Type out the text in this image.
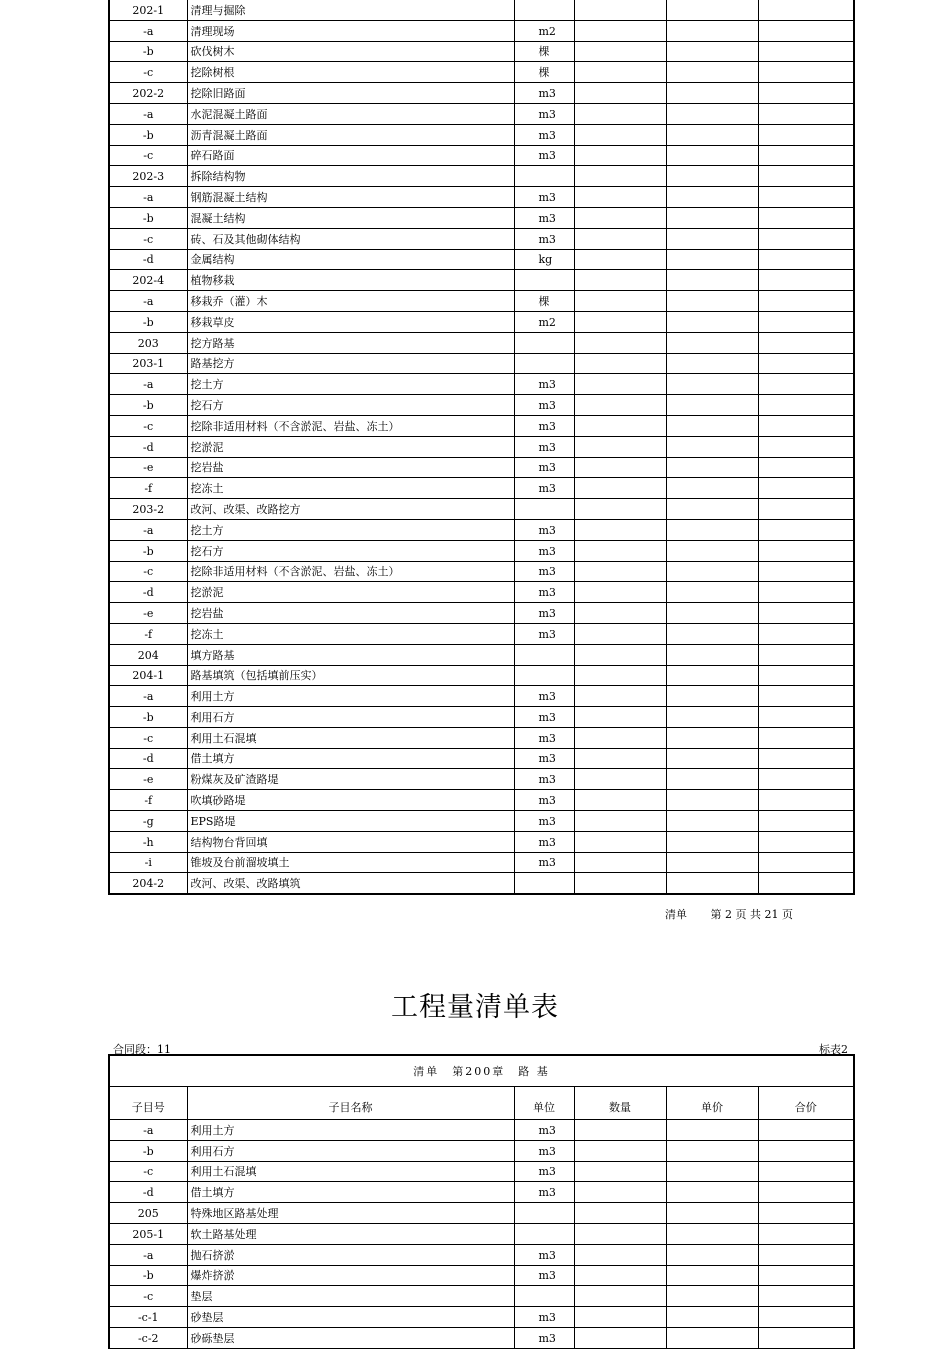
202-1	清理与掘除				
-a	清理现场	m2			
-b	砍伐树木	棵			
-c	挖除树根	棵			
202-2	挖除旧路面	m3			
-a	水泥混凝土路面	m3			
-b	沥青混凝土路面	m3			
-c	碎石路面	m3			
202-3	拆除结构物				
-a	钢筋混凝土结构	m3			
-b	混凝土结构	m3			
-c	砖、石及其他砌体结构	m3			
-d	金属结构	kg			
202-4	植物移栽				
-a	移栽乔（灌）木	棵			
-b	移栽草皮	m2			
203	挖方路基				
203-1	路基挖方				
-a	挖土方	m3			
-b	挖石方	m3			
-c	挖除非适用材料（不含淤泥、岩盐、冻土）	m3			
-d	挖淤泥	m3			
-e	挖岩盐	m3			
-f	挖冻土	m3			
203-2	改河、改渠、改路挖方				
-a	挖土方	m3			
-b	挖石方	m3			
-c	挖除非适用材料（不含淤泥、岩盐、冻土）	m3			
-d	挖淤泥	m3			
-e	挖岩盐	m3			
-f	挖冻土	m3			
204	填方路基				
204-1	路基填筑（包括填前压实）				
-a	利用土方	m3			
-b	利用石方	m3			
-c	利用土石混填	m3			
-d	借土填方	m3			
-e	粉煤灰及矿渣路堤	m3			
-f	吹填砂路堤	m3			
-g	EPS路堤	m3			
-h	结构物台背回填	m3			
-i	锥坡及台前溜坡填土	m3			
204-2	改河、改渠、改路填筑				
清单 第 2 页 共 21 页
工程量清单表
合同段：11	标表2
清单　第200章　路 基					
子目号	子目名称	单位	数量	单价	合价
-a	利用土方	m3			
-b	利用石方	m3			
-c	利用土石混填	m3			
-d	借土填方	m3			
205	特殊地区路基处理				
205-1	软土路基处理				
-a	抛石挤淤	m3			
-b	爆炸挤淤	m3			
-c	垫层				
-c-1	砂垫层	m3			
-c-2	砂砾垫层	m3			
